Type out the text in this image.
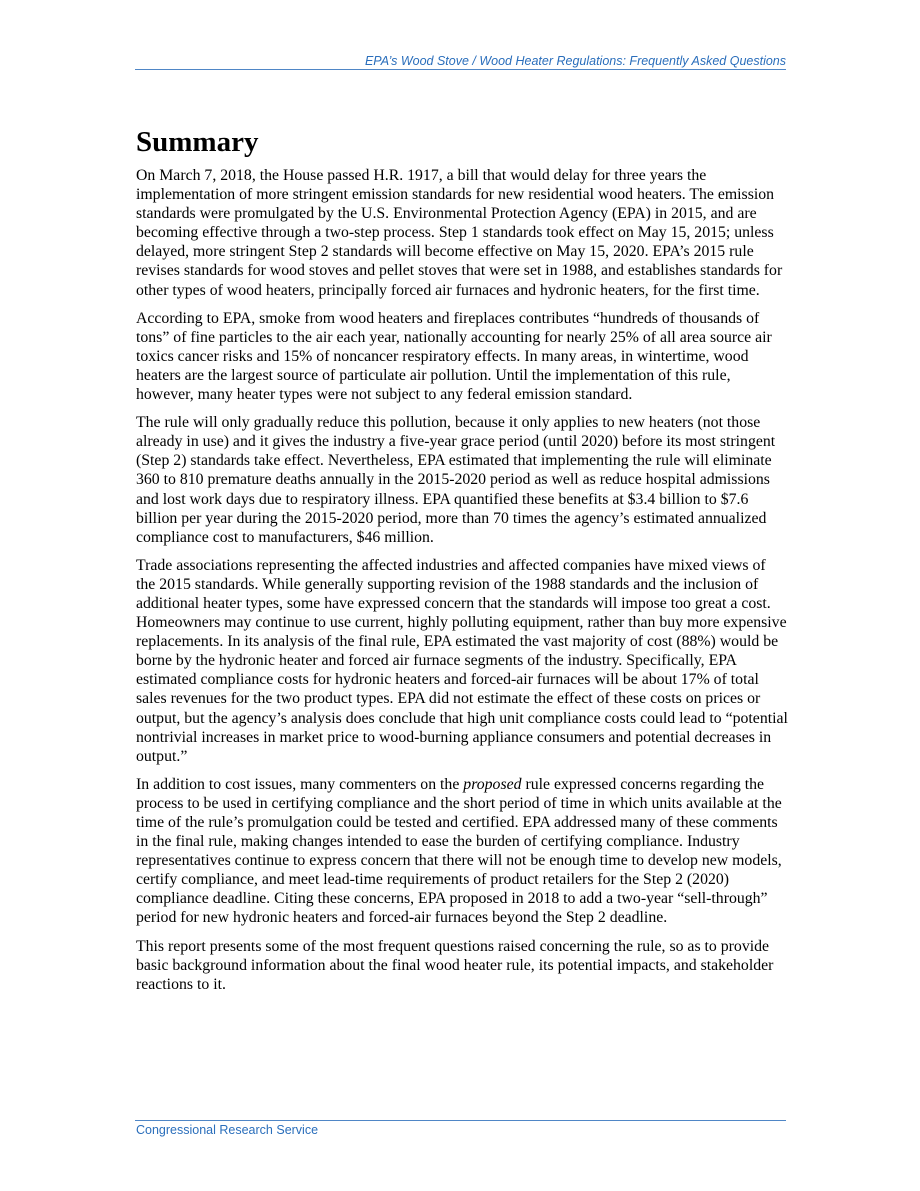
EPA’s Wood Stove / Wood Heater Regulations: Frequently Asked Questions
Summary

On March 7, 2018, the House passed H.R. 1917, a bill that would delay for three years the implementation of more stringent emission standards for new residential wood heaters. The emission standards were promulgated by the U.S. Environmental Protection Agency (EPA) in 2015, and are becoming effective through a two-step process. Step 1 standards took effect on May 15, 2015; unless delayed, more stringent Step 2 standards will become effective on May 15, 2020. EPA’s 2015 rule revises standards for wood stoves and pellet stoves that were set in 1988, and establishes standards for other types of wood heaters, principally forced air furnaces and hydronic heaters, for the first time.

According to EPA, smoke from wood heaters and fireplaces contributes “hundreds of thousands of tons” of fine particles to the air each year, nationally accounting for nearly 25% of all area source air toxics cancer risks and 15% of noncancer respiratory effects. In many areas, in wintertime, wood heaters are the largest source of particulate air pollution. Until the implementation of this rule, however, many heater types were not subject to any federal emission standard.

The rule will only gradually reduce this pollution, because it only applies to new heaters (not those already in use) and it gives the industry a five-year grace period (until 2020) before its most stringent (Step 2) standards take effect. Nevertheless, EPA estimated that implementing the rule will eliminate 360 to 810 premature deaths annually in the 2015-2020 period as well as reduce hospital admissions and lost work days due to respiratory illness. EPA quantified these benefits at $3.4 billion to $7.6 billion per year during the 2015-2020 period, more than 70 times the agency’s estimated annualized compliance cost to manufacturers, $46 million.

Trade associations representing the affected industries and affected companies have mixed views of the 2015 standards. While generally supporting revision of the 1988 standards and the inclusion of additional heater types, some have expressed concern that the standards will impose too great a cost. Homeowners may continue to use current, highly polluting equipment, rather than buy more expensive replacements. In its analysis of the final rule, EPA estimated the vast majority of cost (88%) would be borne by the hydronic heater and forced air furnace segments of the industry. Specifically, EPA estimated compliance costs for hydronic heaters and forced-air furnaces will be about 17% of total sales revenues for the two product types. EPA did not estimate the effect of these costs on prices or output, but the agency’s analysis does conclude that high unit compliance costs could lead to “potential nontrivial increases in market price to wood-burning appliance consumers and potential decreases in output.”

In addition to cost issues, many commenters on the proposed rule expressed concerns regarding the process to be used in certifying compliance and the short period of time in which units available at the time of the rule’s promulgation could be tested and certified. EPA addressed many of these comments in the final rule, making changes intended to ease the burden of certifying compliance. Industry representatives continue to express concern that there will not be enough time to develop new models, certify compliance, and meet lead-time requirements of product retailers for the Step 2 (2020) compliance deadline. Citing these concerns, EPA proposed in 2018 to add a two-year “sell-through” period for new hydronic heaters and forced-air furnaces beyond the Step 2 deadline.

This report presents some of the most frequent questions raised concerning the rule, so as to provide basic background information about the final wood heater rule, its potential impacts, and stakeholder reactions to it.

Congressional Research Service
